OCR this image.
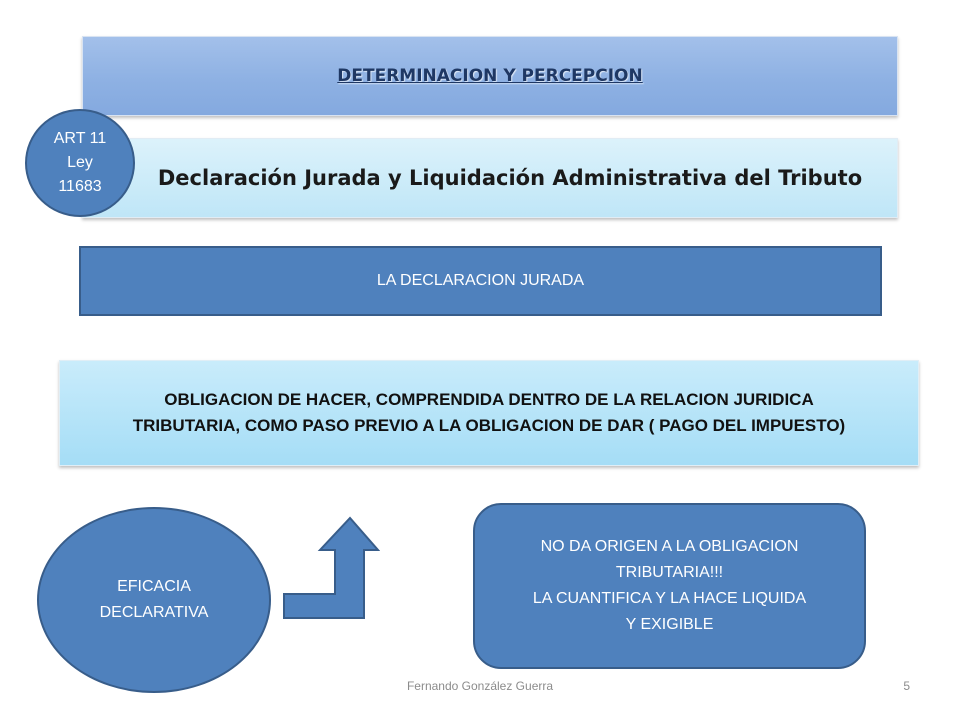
DETERMINACION Y PERCEPCION
Declaración Jurada y Liquidación Administrativa del Tributo
ART 11
Ley
11683
LA DECLARACION JURADA
OBLIGACION DE HACER, COMPRENDIDA DENTRO DE LA RELACION JURIDICA
TRIBUTARIA, COMO PASO PREVIO A LA OBLIGACION DE DAR ( PAGO DEL IMPUESTO)
EFICACIA
DECLARATIVA
NO DA ORIGEN A LA OBLIGACION
TRIBUTARIA!!!
LA CUANTIFICA Y LA HACE LIQUIDA
Y EXIGIBLE
Fernando González Guerra	5
